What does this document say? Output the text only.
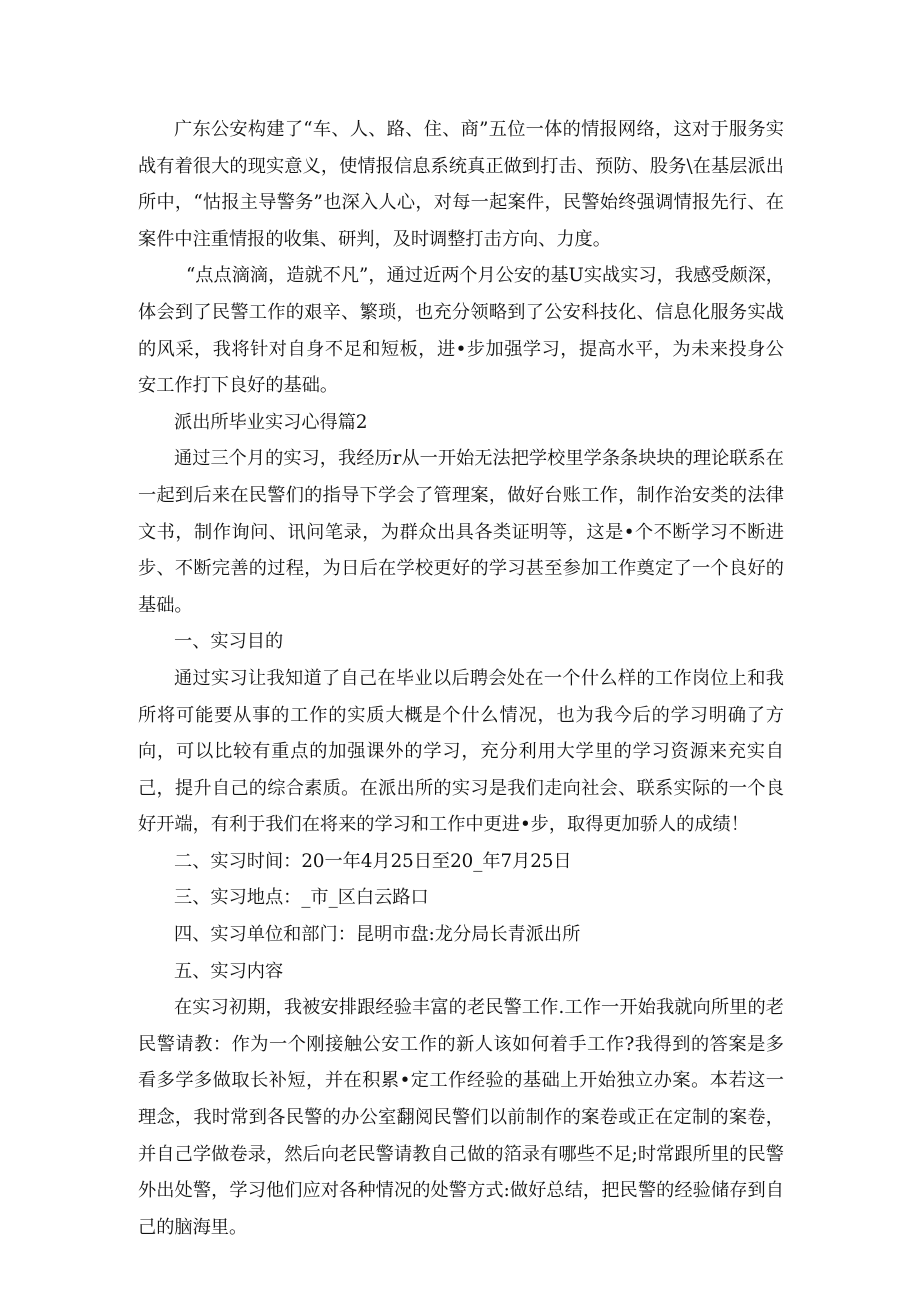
广东公安构建了“车、人、路、住、商”五位一体的情报网络，这对于服务实战有着很大的现实意义，使情报信息系统真正做到打击、预防、股务\在基层派出所中，“怙报主导警务”也深入人心，对每一起案件，民警始终强调情报先行、在案件中注重情报的收集、研判，及时调整打击方向、力度。

“点点滴滴，造就不凡”，通过近两个月公安的基U实战实习，我感受颇深，体会到了民警工作的艰辛、繁琐，也充分领略到了公安科技化、信息化服务实战的风采，我将针对自身不足和短板，进•步加强学习，提高水平，为未来投身公安工作打下良好的基础。

派出所毕业实习心得篇2

通过三个月的实习，我经历r从一开始无法把学校里学条条块块的理论联系在一起到后来在民警们的指导下学会了管理案，做好台账工作，制作治安类的法律文书，制作询问、讯问笔录，为群众出具各类证明等，这是•个不断学习不断进步、不断完善的过程，为日后在学校更好的学习甚至参加工作奠定了一个良好的基础。

一、实习目的

通过实习让我知道了自己在毕业以后聘会处在一个什么样的工作岗位上和我所将可能要从事的工作的实质大概是个什么情况，也为我今后的学习明确了方向，可以比较有重点的加强课外的学习，充分利用大学里的学习资源来充实自己，提升自己的综合素质。在派出所的实习是我们走向社会、联系实际的一个良好开端，有利于我们在将来的学习和工作中更进•步，取得更加骄人的成绩！

二、实习时间：20一年4月25日至20_年7月25日

三、实习地点：_市_区白云路口

四、实习单位和部门：昆明市盘:龙分局长青派出所

五、实习内容

在实习初期，我被安排跟经验丰富的老民警工作.工作一开始我就向所里的老民警请教：作为一个刚接触公安工作的新人该如何着手工作?我得到的答案是多看多学多做取长补短，并在积累•定工作经验的基础上开始独立办案。本若这一理念，我时常到各民警的办公室翻阅民警们以前制作的案卷或正在定制的案卷，并自己学做卷录，然后向老民警请教自己做的箔录有哪些不足;时常跟所里的民警外出处警，学习他们应对各种情况的处警方式:做好总结，把民警的经验储存到自己的脑海里。
